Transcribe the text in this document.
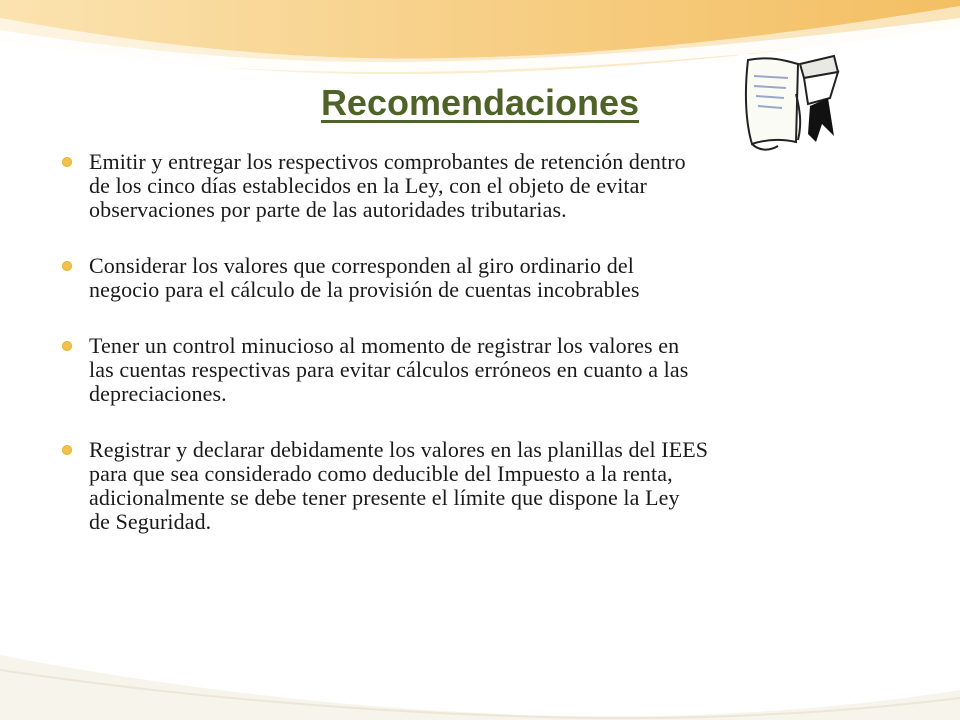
Recomendaciones
Emitir y entregar los respectivos comprobantes de retención dentro
de los cinco días establecidos en la Ley, con el objeto de evitar
observaciones por parte de las autoridades tributarias.
Considerar los valores que corresponden al giro ordinario del
negocio para el cálculo de la provisión de cuentas incobrables
Tener un control minucioso al momento de registrar los valores en
las cuentas respectivas para evitar cálculos erróneos en cuanto a las
depreciaciones.
Registrar y declarar debidamente los valores en las planillas del IEES
para que sea considerado como deducible del Impuesto a la renta,
adicionalmente se debe tener presente el límite que dispone la Ley
de Seguridad.
